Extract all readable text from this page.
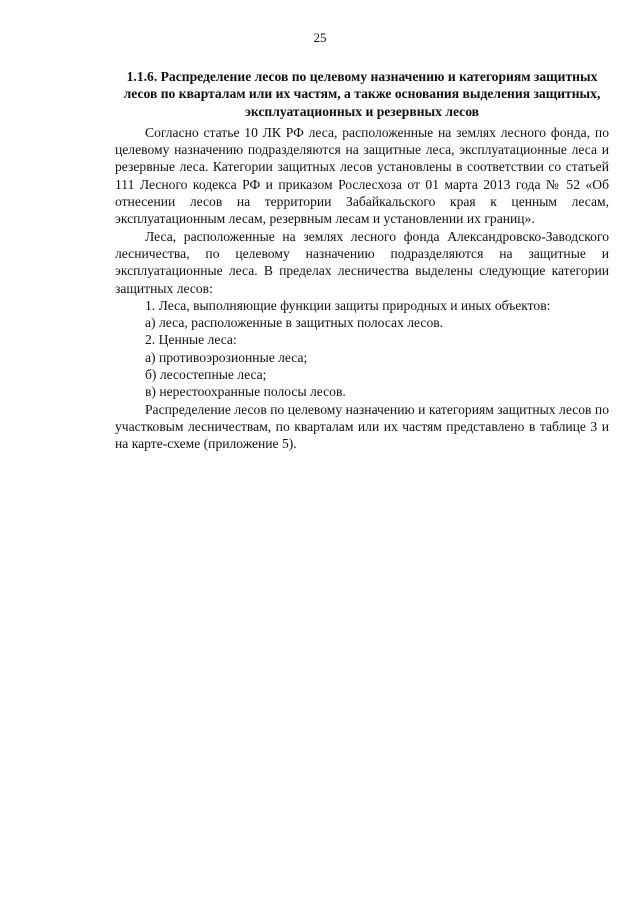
25

1.1.6. Распределение лесов по целевому назначению и категориям защитных лесов по кварталам или их частям, а также основания выделения защитных, эксплуатационных и резервных лесов

Согласно статье 10 ЛК РФ леса, расположенные на землях лесного фонда, по целевому назначению подразделяются на защитные леса, эксплуатационные леса и резервные леса. Категории защитных лесов установлены в соответствии со статьей 111 Лесного кодекса РФ и приказом Рослесхоза от 01 марта 2013 года № 52 «Об отнесении лесов на территории Забайкальского края к ценным лесам, эксплуатационным лесам, резервным лесам и установлении их границ».

Леса, расположенные на землях лесного фонда Александровско-Заводского лесничества, по целевому назначению подразделяются на защитные и эксплуатационные леса. В пределах лесничества выделены следующие категории защитных лесов:

1. Леса, выполняющие функции защиты природных и иных объектов:

а) леса, расположенные в защитных полосах лесов.

2. Ценные леса:

а) противоэрозионные леса;

б) лесостепные леса;

в) нерестоохранные полосы лесов.

Распределение лесов по целевому назначению и категориям защитных лесов по участковым лесничествам, по кварталам или их частям представлено в таблице 3 и на карте-схеме (приложение 5).
